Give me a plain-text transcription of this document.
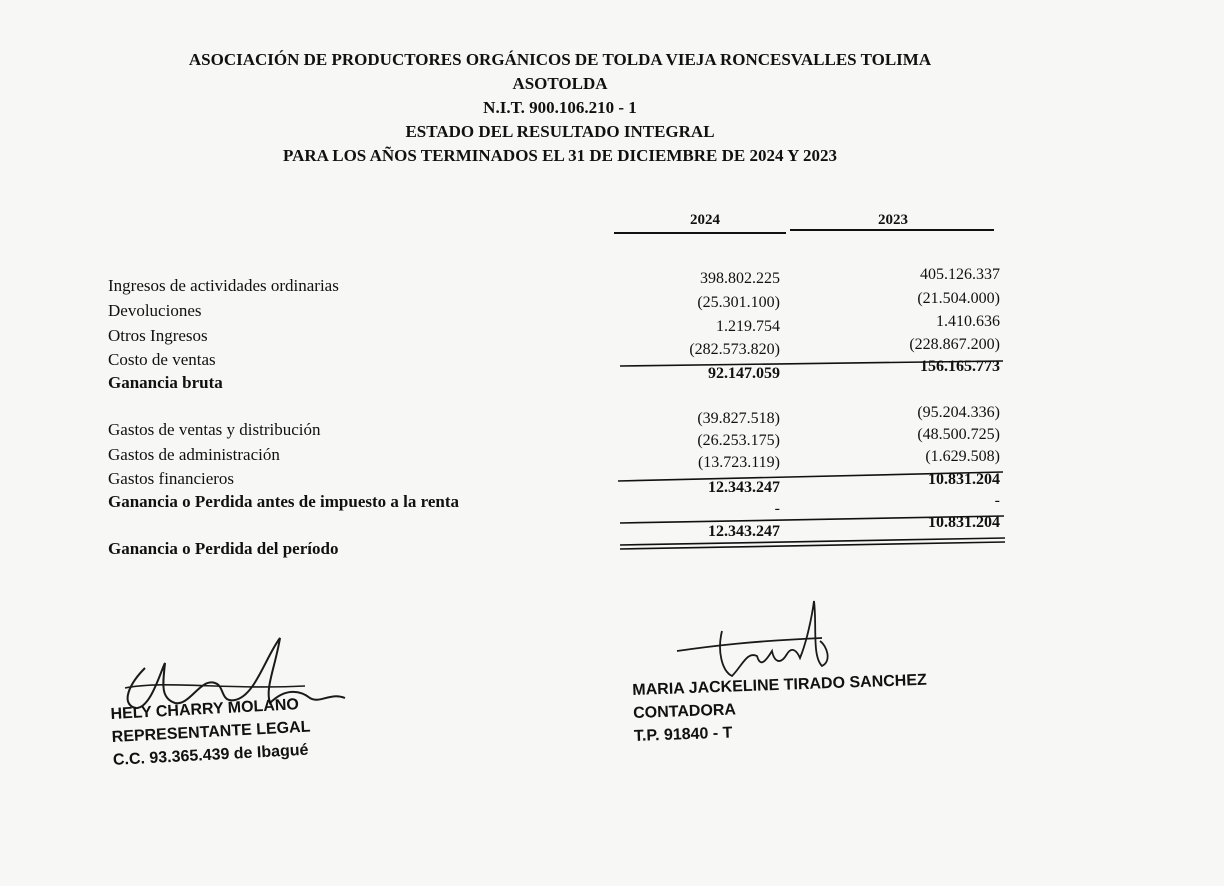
ASOCIACIÓN DE PRODUCTORES ORGÁNICOS DE TOLDA VIEJA RONCESVALLES TOLIMA
ASOTOLDA
N.I.T. 900.106.210 - 1
ESTADO DEL RESULTADO INTEGRAL
PARA LOS AÑOS TERMINADOS EL 31 DE DICIEMBRE DE 2024 Y 2023
2024	2023
Ingresos de actividades ordinarias
Devoluciones
Otros Ingresos
Costo de ventas
Ganancia bruta
Gastos de ventas y distribución
Gastos de administración
Gastos financieros
Ganancia o Perdida antes de impuesto a la renta
Ganancia o Perdida del período
398.802.225
(25.301.100)
1.219.754
(282.573.820)
92.147.059
(39.827.518)
(26.253.175)
(13.723.119)
12.343.247
-
12.343.247
405.126.337
(21.504.000)
1.410.636
(228.867.200)
156.165.773
(95.204.336)
(48.500.725)
(1.629.508)
10.831.204
-
10.831.204
HELY CHARRY MOLANO
REPRESENTANTE LEGAL
C.C. 93.365.439 de Ibagué
MARIA JACKELINE TIRADO SANCHEZ
CONTADORA
T.P. 91840 - T
